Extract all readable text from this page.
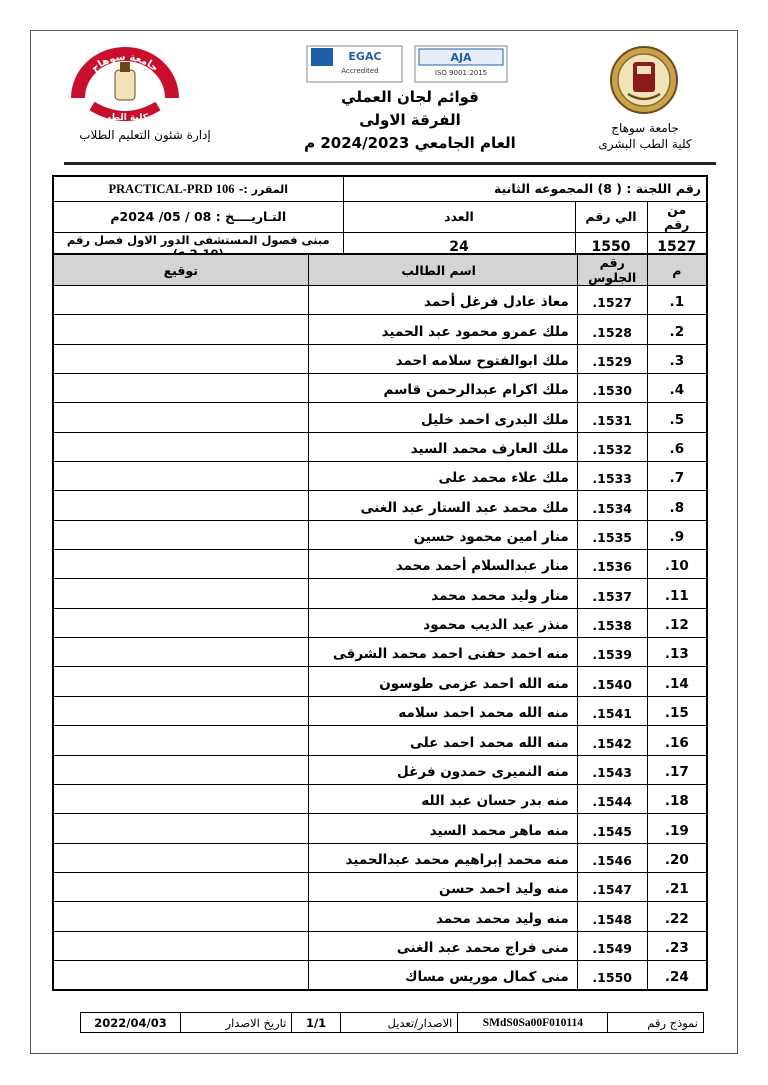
جامعة سوهاج
كلية الطب البشرى
جامعة سوهاج
كلية الطب
إدارة شئون التعليم الطلاب
EGAC
Accredited
AJA
ISO 9001:2015
قوائم لجان العملي
الفرقة الاولى
العام الجامعي 2024/2023 م
رقم اللجنة : ( 8) المجموعه الثانية			المقرر :- PRACTICAL-PRD 106
من رقم	الي رقم	العدد	التـاريــــخ : 08 / 05/ 2024م
1527	1550	24	مبنى فصول المستشفى الدور الاول فصل رقم
م	رقم الجلوس	اسم الطالب	توقيع
1.	1527.	معاذ عادل فرغل أحمد	
2.	1528.	ملك عمرو محمود عبد الحميد	
3.	1529.	ملك ابوالفتوح سلامه احمد	
4.	1530.	ملك اكرام عبدالرحمن قاسم	
5.	1531.	ملك البدرى احمد خليل	
6.	1532.	ملك العارف محمد السيد	
7.	1533.	ملك علاء محمد على	
8.	1534.	ملك محمد عبد الستار عبد الغنى	
9.	1535.	منار امين محمود حسين	
10.	1536.	منار عبدالسلام أحمد محمد	
11.	1537.	منار وليد محمد محمد	
12.	1538.	منذر عيد الديب محمود	
13.	1539.	منه احمد حفنى احمد محمد الشرقى	
14.	1540.	منه الله احمد عزمى طوسون	
15.	1541.	منه الله محمد احمد سلامه	
16.	1542.	منه الله محمد احمد على	
17.	1543.	منه النميرى حمدون فرغل	
18.	1544.	منه بدر حسان عبد الله	
19.	1545.	منه ماهر محمد السيد	
20.	1546.	منه محمد إبراهيم محمد عبدالحميد	
21.	1547.	منه وليد احمد حسن	
22.	1548.	منه وليد محمد محمد	
23.	1549.	منى فراج محمد عبد الغنى	
24.	1550.	منى كمال موريس مساك	
نموذج رقم	SMdS0Sa00F010114	الاصدار/تعديل	1/1	تاريخ الاصدار	2022/04/03
